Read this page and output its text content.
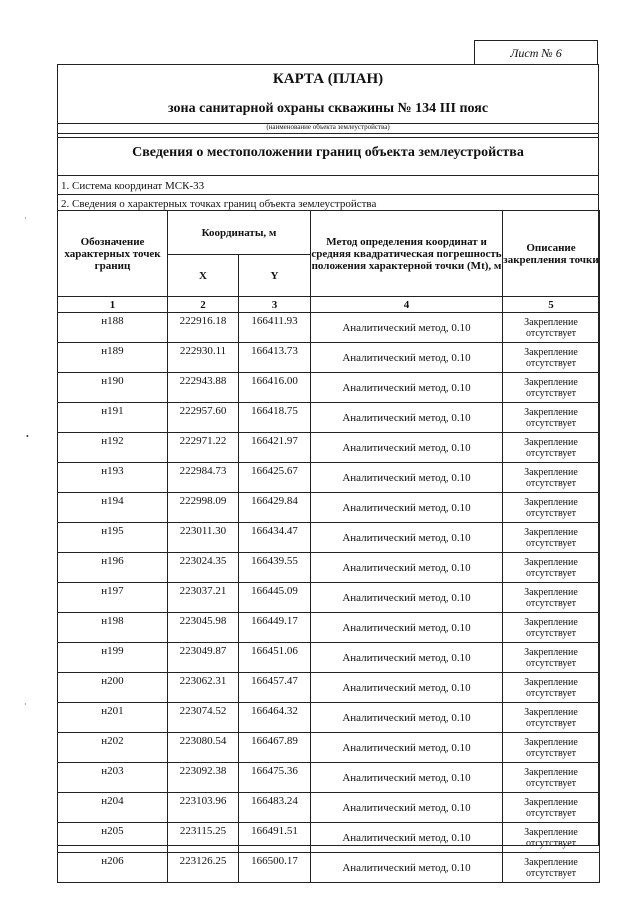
Лист № 6
·
•
·
КАРТА (ПЛАН)
зона санитарной охраны скважины № 134 III пояс
(наименование объекта землеустройства)
Сведения о местоположении границ объекта землеустройства
1. Система координат МСК-33
2. Сведения о характерных точках границ объекта землеустройства
Обозначение характерных точек границ	Координаты, м		Метод определения координат и средняя квадратическая погрешность положения характерной точки (Mt), м	Описание закрепления точки
	X	Y		
1	2	3	4	5
н188	222916.18	166411.93	Аналитический метод, 0.10	Закрепление отсутствует
н189	222930.11	166413.73	Аналитический метод, 0.10	Закрепление отсутствует
н190	222943.88	166416.00	Аналитический метод, 0.10	Закрепление отсутствует
н191	222957.60	166418.75	Аналитический метод, 0.10	Закрепление отсутствует
н192	222971.22	166421.97	Аналитический метод, 0.10	Закрепление отсутствует
н193	222984.73	166425.67	Аналитический метод, 0.10	Закрепление отсутствует
н194	222998.09	166429.84	Аналитический метод, 0.10	Закрепление отсутствует
н195	223011.30	166434.47	Аналитический метод, 0.10	Закрепление отсутствует
н196	223024.35	166439.55	Аналитический метод, 0.10	Закрепление отсутствует
н197	223037.21	166445.09	Аналитический метод, 0.10	Закрепление отсутствует
н198	223045.98	166449.17	Аналитический метод, 0.10	Закрепление отсутствует
н199	223049.87	166451.06	Аналитический метод, 0.10	Закрепление отсутствует
н200	223062.31	166457.47	Аналитический метод, 0.10	Закрепление отсутствует
н201	223074.52	166464.32	Аналитический метод, 0.10	Закрепление отсутствует
н202	223080.54	166467.89	Аналитический метод, 0.10	Закрепление отсутствует
н203	223092.38	166475.36	Аналитический метод, 0.10	Закрепление отсутствует
н204	223103.96	166483.24	Аналитический метод, 0.10	Закрепление отсутствует
н205	223115.25	166491.51	Аналитический метод, 0.10	Закрепление отсутствует
н206	223126.25	166500.17	Аналитический метод, 0.10	Закрепление отсутствует
